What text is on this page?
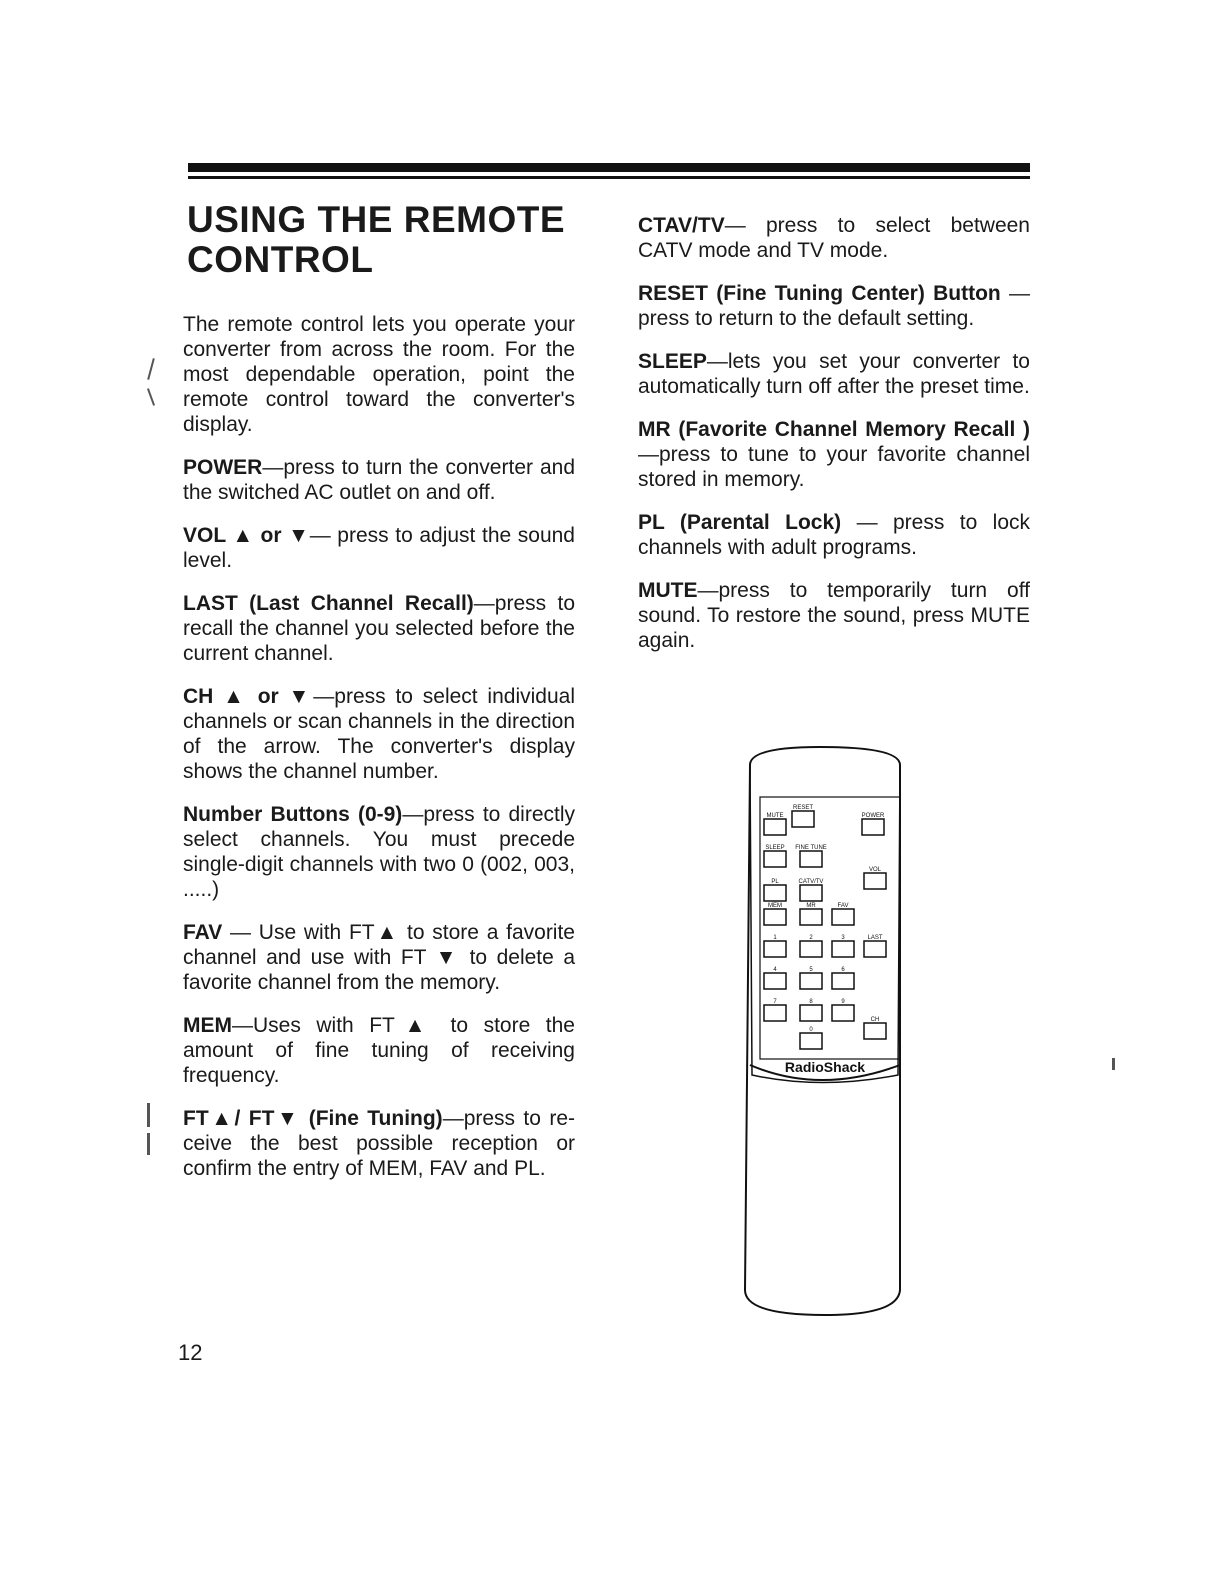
USING THE REMOTE CONTROL

The remote control lets you operate your converter from across the room. For the most dependable operation, point the remote control toward the converter's display.

POWER—press to turn the converter and the switched AC outlet on and off.

VOL ▲ or ▼— press to adjust the sound level.

LAST (Last Channel Recall)—press to recall the channel you selected before the current channel.

CH ▲ or ▼—press to select individual channels or scan channels in the direction of the arrow. The converter's display shows the channel number.

Number Buttons (0-9)—press to directly select channels. You must precede single-digit channels with two 0 (002, 003, .....)

FAV — Use with FT▲ to store a favorite channel and use with FT ▼ to delete a favorite channel from the memory.

MEM—Uses with FT▲ to store the amount of fine tuning of receiving frequency.

FT▲/ FT▼ (Fine Tuning)—press to re-ceive the best possible reception or confirm the entry of MEM, FAV and PL.

CTAV/TV— press to select between CATV mode and TV mode.

RESET (Fine Tuning Center) Button —press to return to the default setting.

SLEEP—lets you set your converter to automatically turn off after the preset time.

MR (Favorite Channel Memory Recall )—press to tune to your favorite channel stored in memory.

PL (Parental Lock) — press to lock channels with adult programs.

MUTE—press to temporarily turn off sound. To restore the sound, press MUTE again.

MUTE
RESET
POWER
SLEEP FINE TUNE
PL	CATV/TV
VOL
MEM	MR	FAV
1	2	3	LAST
4	5	6
7	8	9
0
CH
RadioShack
12
